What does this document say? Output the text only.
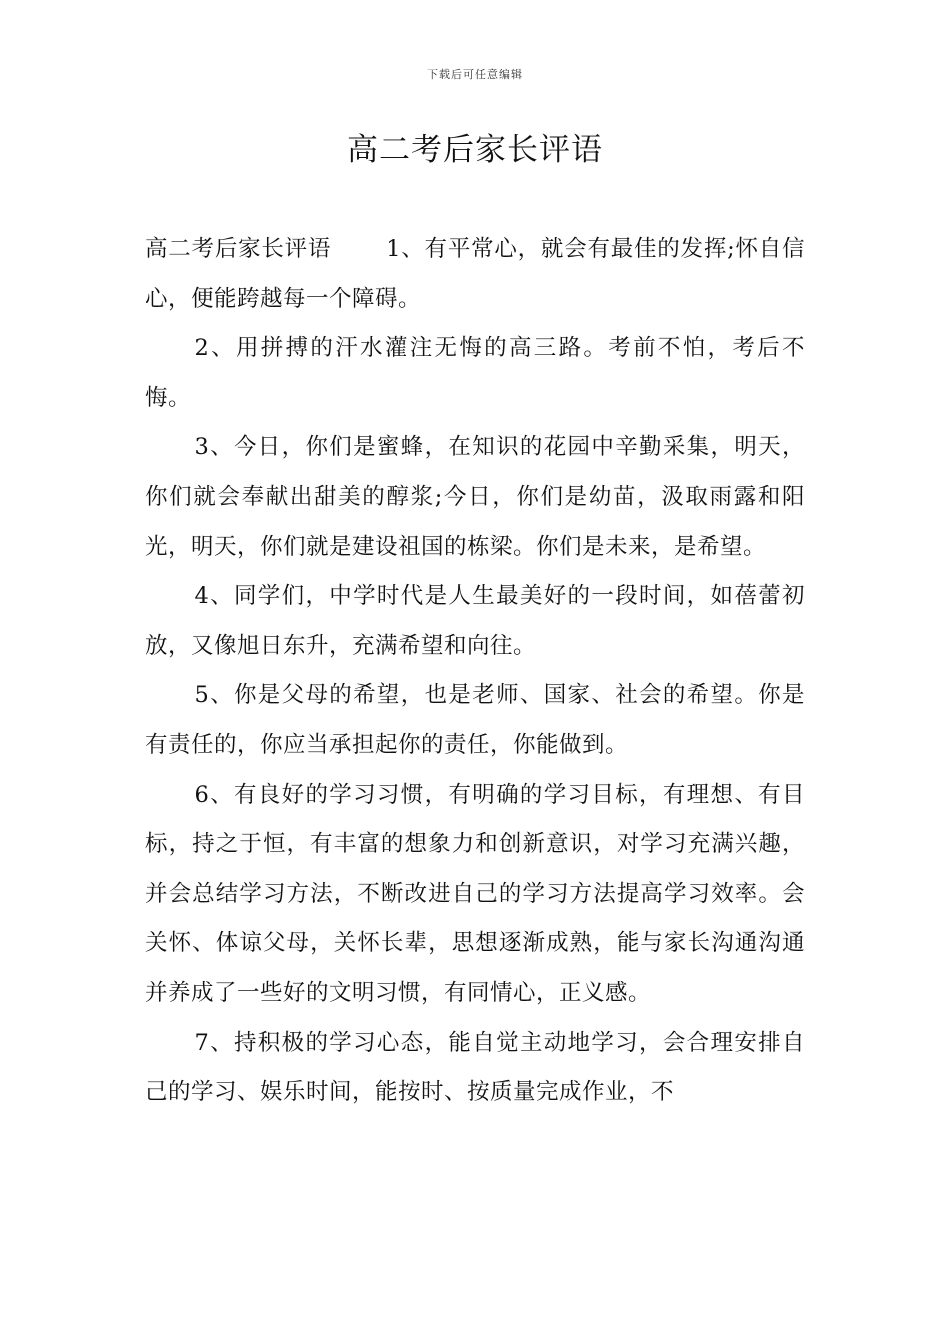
下载后可任意编辑
高二考后家长评语

高二考后家长评语 1、有平常心，就会有最佳的发挥;怀自信心，便能跨越每一个障碍。

2、用拼搏的汗水灌注无悔的高三路。考前不怕，考后不悔。

3、今日，你们是蜜蜂，在知识的花园中辛勤采集，明天，你们就会奉献出甜美的醇浆;今日，你们是幼苗，汲取雨露和阳光，明天，你们就是建设祖国的栋梁。你们是未来，是希望。

4、同学们，中学时代是人生最美好的一段时间，如蓓蕾初放，又像旭日东升，充满希望和向往。

5、你是父母的希望，也是老师、国家、社会的希望。你是有责任的，你应当承担起你的责任，你能做到。

6、有良好的学习习惯，有明确的学习目标，有理想、有目标，持之于恒，有丰富的想象力和创新意识，对学习充满兴趣，并会总结学习方法，不断改进自己的学习方法提高学习效率。会关怀、体谅父母，关怀长辈，思想逐渐成熟，能与家长沟通沟通并养成了一些好的文明习惯，有同情心，正义感。

7、持积极的学习心态，能自觉主动地学习，会合理安排自己的学习、娱乐时间，能按时、按质量完成作业，不
